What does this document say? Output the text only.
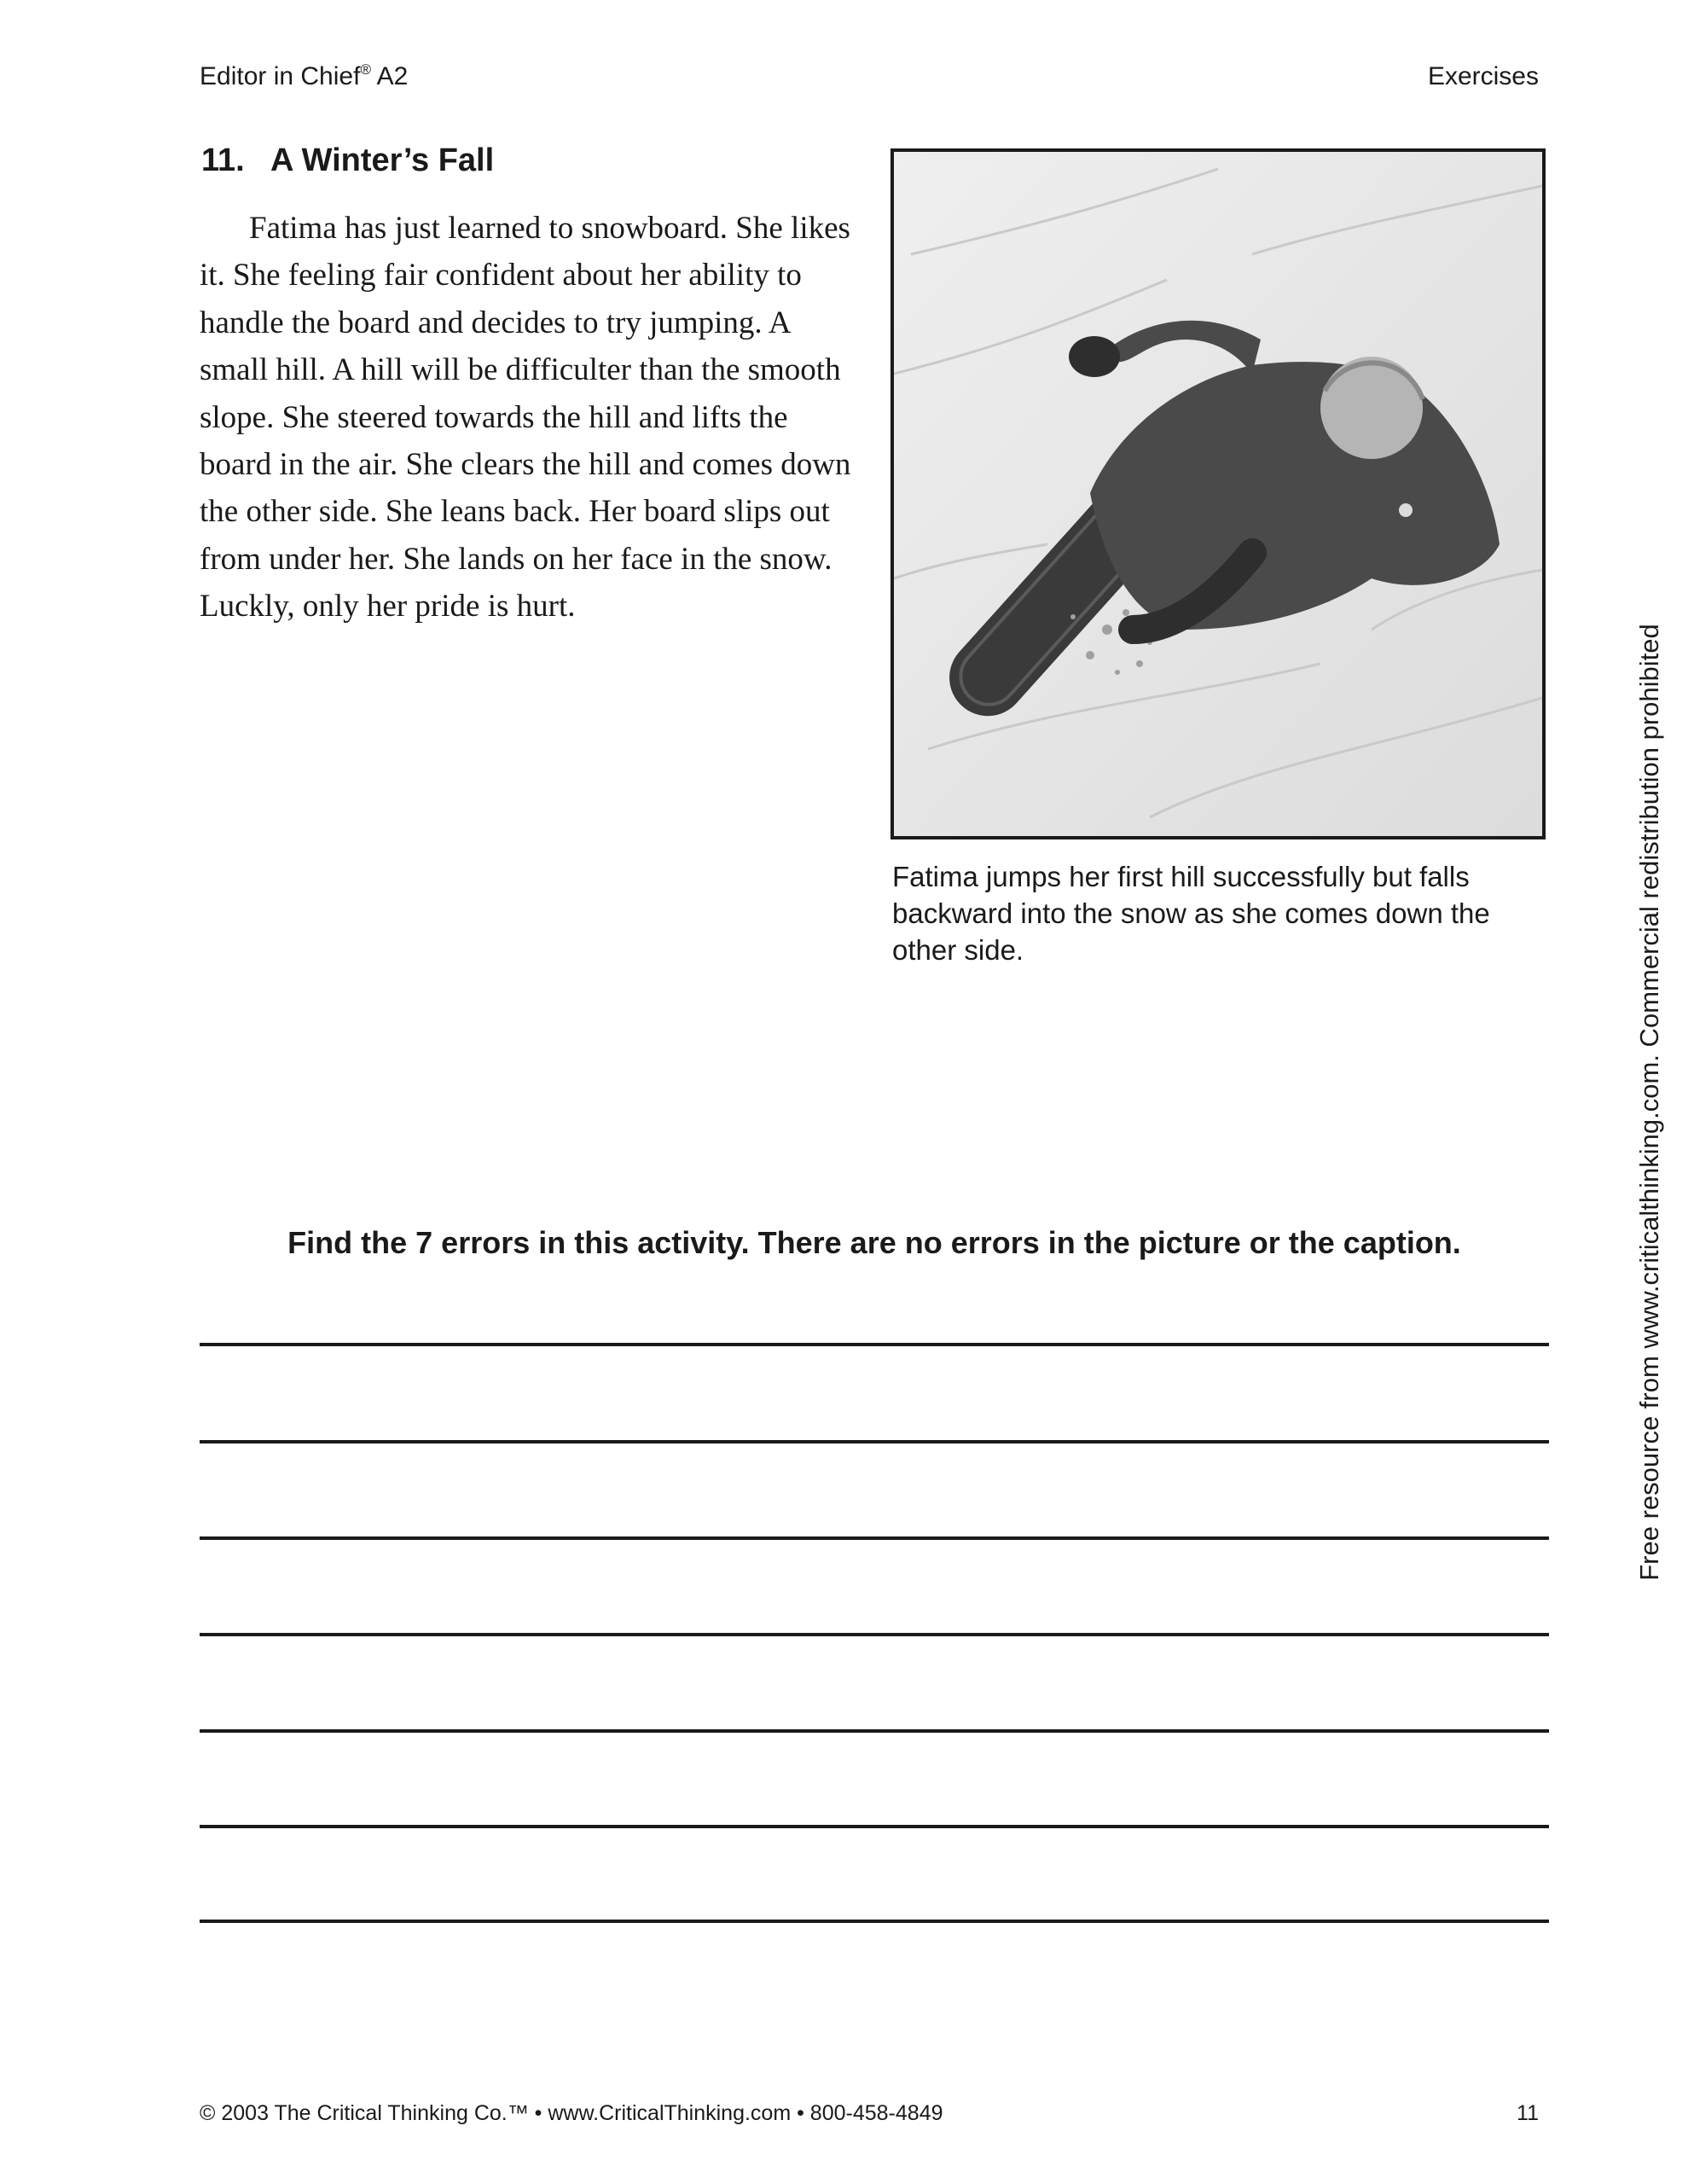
Editor in Chief® A2	Exercises
11.   A Winter’s Fall

Fatima has just learned to snowboard. She likes it. She feeling fair confident about her ability to handle the board and decides to try jumping. A small hill. A hill will be difficulter than the smooth slope. She steered towards the hill and lifts the board in the air. She clears the hill and comes down the other side. She leans back. Her board slips out from under her. She lands on her face in the snow. Luckly, only her pride is hurt.

Fatima jumps her first hill successfully but falls backward into the snow as she comes down the other side.	Free resource from www.criticalthinking.com. Commercial redistribution prohibited
Find the 7 errors in this activity. There are no errors in the picture or the caption.
© 2003 The Critical Thinking Co.™ • www.CriticalThinking.com • 800-458-4849	11
